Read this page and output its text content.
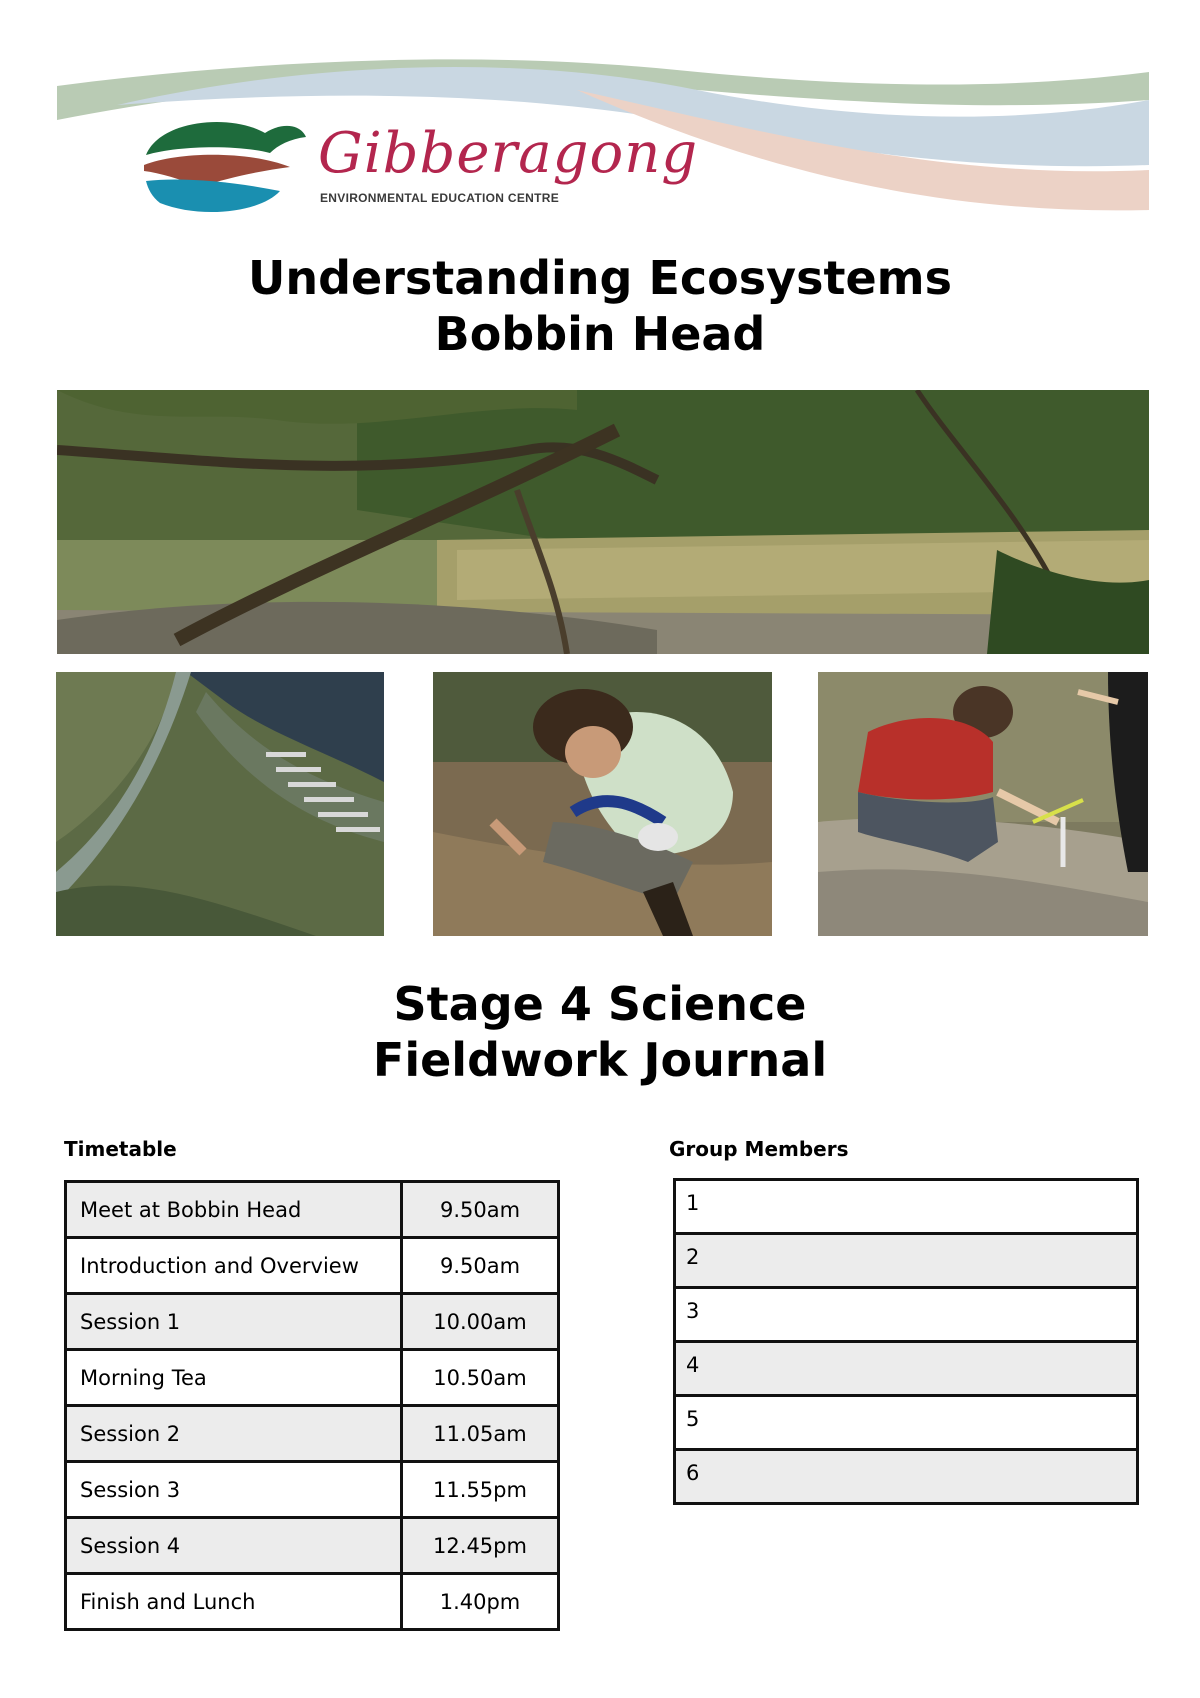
Gibberagong
ENVIRONMENTAL EDUCATION CENTRE
Understanding Ecosystems
Bobbin Head
Stage 4 Science
Fieldwork Journal
Timetable
Meet at Bobbin Head	9.50am
Introduction and Overview	9.50am
Session 1	10.00am
Morning Tea	10.50am
Session 2	11.05am
Session 3	11.55pm
Session 4	12.45pm
Finish and Lunch	1.40pm
Group Members
1
2
3
4
5
6
